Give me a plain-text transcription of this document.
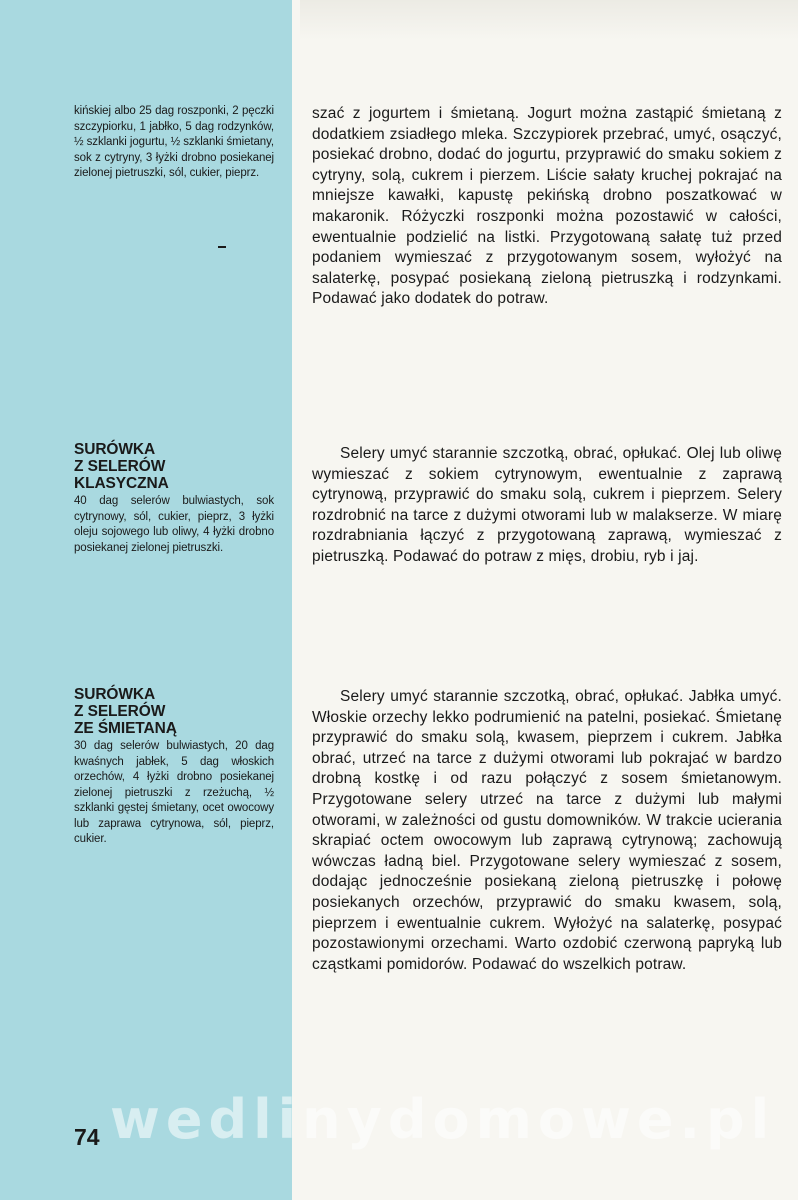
kińskiej albo 25 dag roszponki, 2 pęczki szczypiorku, 1 jabłko, 5 dag rodzynków, ½ szklanki jogurtu, ½ szklanki śmietany, sok z cytryny, 3 łyżki drobno posiekanej zielonej pietruszki, sól, cukier, pieprz.
szać z jogurtem i śmietaną. Jogurt można zastąpić śmietaną z dodatkiem zsiadłego mleka. Szczypiorek przebrać, umyć, osączyć, posiekać drobno, dodać do jogurtu, przyprawić do smaku sokiem z cytryny, solą, cukrem i pierzem. Liście sałaty kruchej pokrajać na mniejsze kawałki, kapustę pekińską drobno poszatkować w makaronik. Różyczki roszponki można pozostawić w całości, ewentualnie podzielić na listki. Przygotowaną sałatę tuż przed podaniem wymieszać z przygotowanym sosem, wyłożyć na salaterkę, posypać posiekaną zieloną pietruszką i rodzynkami. Podawać jako dodatek do potraw.
SURÓWKA
Z SELERÓW
KLASYCZNA
40 dag selerów bulwiastych, sok cytrynowy, sól, cukier, pieprz, 3 łyżki oleju sojowego lub oliwy, 4 łyżki drobno posiekanej zielonej pietruszki.
Selery umyć starannie szczotką, obrać, opłukać. Olej lub oliwę wymieszać z sokiem cytrynowym, ewentualnie z zaprawą cytrynową, przyprawić do smaku solą, cukrem i pieprzem. Selery rozdrobnić na tarce z dużymi otworami lub w malakserze. W miarę rozdrabniania łączyć z przygotowaną zaprawą, wymieszać z pietruszką. Podawać do potraw z mięs, drobiu, ryb i jaj.
SURÓWKA
Z SELERÓW
ZE ŚMIETANĄ
30 dag selerów bulwiastych, 20 dag kwaśnych jabłek, 5 dag włoskich orzechów, 4 łyżki drobno posiekanej zielonej pietruszki z rzeżuchą, ½ szklanki gęstej śmietany, ocet owocowy lub zaprawa cytrynowa, sól, pieprz, cukier.
Selery umyć starannie szczotką, obrać, opłukać. Jabłka umyć. Włoskie orzechy lekko podrumienić na patelni, posiekać. Śmietanę przyprawić do smaku solą, kwasem, pieprzem i cukrem. Jabłka obrać, utrzeć na tarce z dużymi otworami lub pokrajać w bardzo drobną kostkę i od razu połączyć z sosem śmietanowym. Przygotowane selery utrzeć na tarce z dużymi lub małymi otworami, w zależności od gustu domowników. W trakcie ucierania skrapiać octem owocowym lub zaprawą cytrynową; zachowują wówczas ładną biel. Przygotowane selery wymieszać z sosem, dodając jednocześnie posiekaną zieloną pietruszkę i połowę posiekanych orzechów, przyprawić do smaku kwasem, solą, pieprzem i ewentualnie cukrem. Wyłożyć na salaterkę, posypać pozostawionymi orzechami. Warto ozdobić czerwoną papryką lub cząstkami pomidorów. Podawać do wszelkich potraw.
wedlinydomowe.pl
74
